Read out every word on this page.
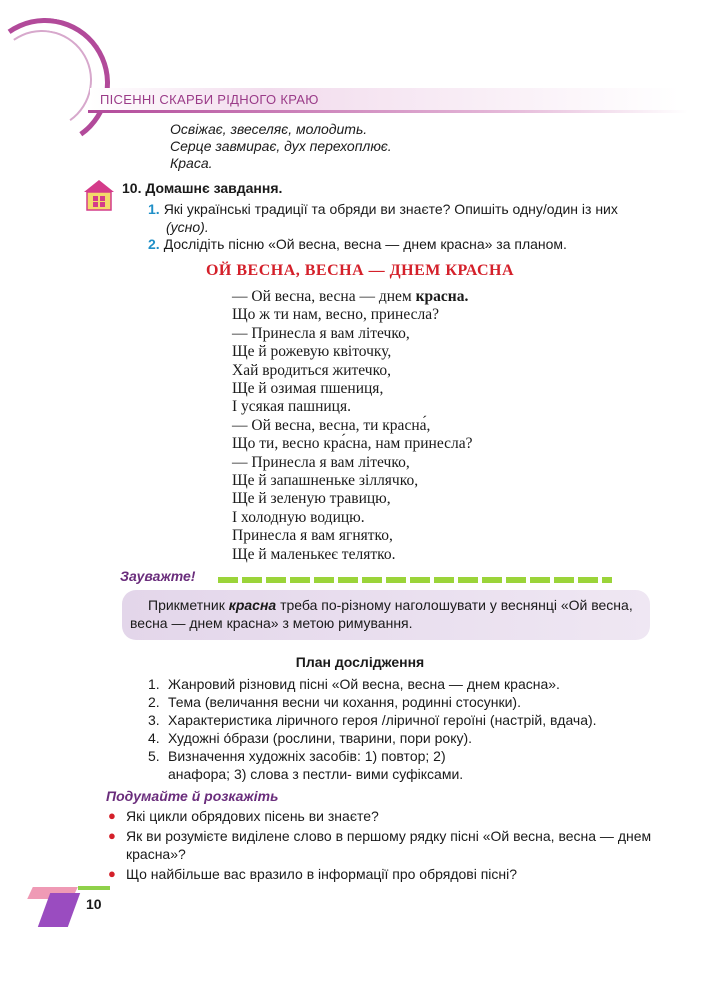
ПІСЕННІ СКАРБИ РІДНОГО КРАЮ
Освіжає, звеселяє, молодить.
Серце завмирає, дух перехоплює.
Краса.
10. Домашнє завдання.
1. Які українські традиції та обряди ви знаєте? Опишіть одну/один із них
(усно).
2. Дослідіть пісню «Ой весна, весна — днем красна» за планом.
ОЙ ВЕСНА, ВЕСНА — ДНЕМ КРАСНА
— Ой весна, весна — днем красна.
Що ж ти нам, весно, принесла?
— Принесла я вам літечко,
Ще й рожевую квіточку,
Хай вродиться житечко,
Ще й озимая пшениця,
І усякая пашниця.
— Ой весна, весна, ти красна́,
Що ти, весно кра́сна, нам принесла?
— Принесла я вам літечко,
Ще й запашненьке зіллячко,
Ще й зеленую травицю,
І холодную водицю.
Принесла я вам ягнятко,
Ще й маленькеє телятко.
Зауважте!
Прикметник красна треба по-різному наголошувати у веснянці «Ой весна, весна — днем красна» з метою римування.
План дослідження
1. Жанровий різновид пісні «Ой весна, весна — днем красна».
2. Тема (величання весни чи кохання, родинні стосунки).
3. Характеристика ліричного героя /ліричної героїні (настрій, вдача).
4. Художні о́брази (рослини, тварини, пори року).
5. Визначення художніх засобів: 1) повтор; 2) анафора; 3) слова з пестли- вими суфіксами.
Подумайте й розкажіть
● Які цикли обрядових пісень ви знаєте?
● Як ви розумієте виділене слово в першому рядку пісні «Ой весна, весна — днем красна»?
● Що найбільше вас вразило в інформації про обрядові пісні?
10
